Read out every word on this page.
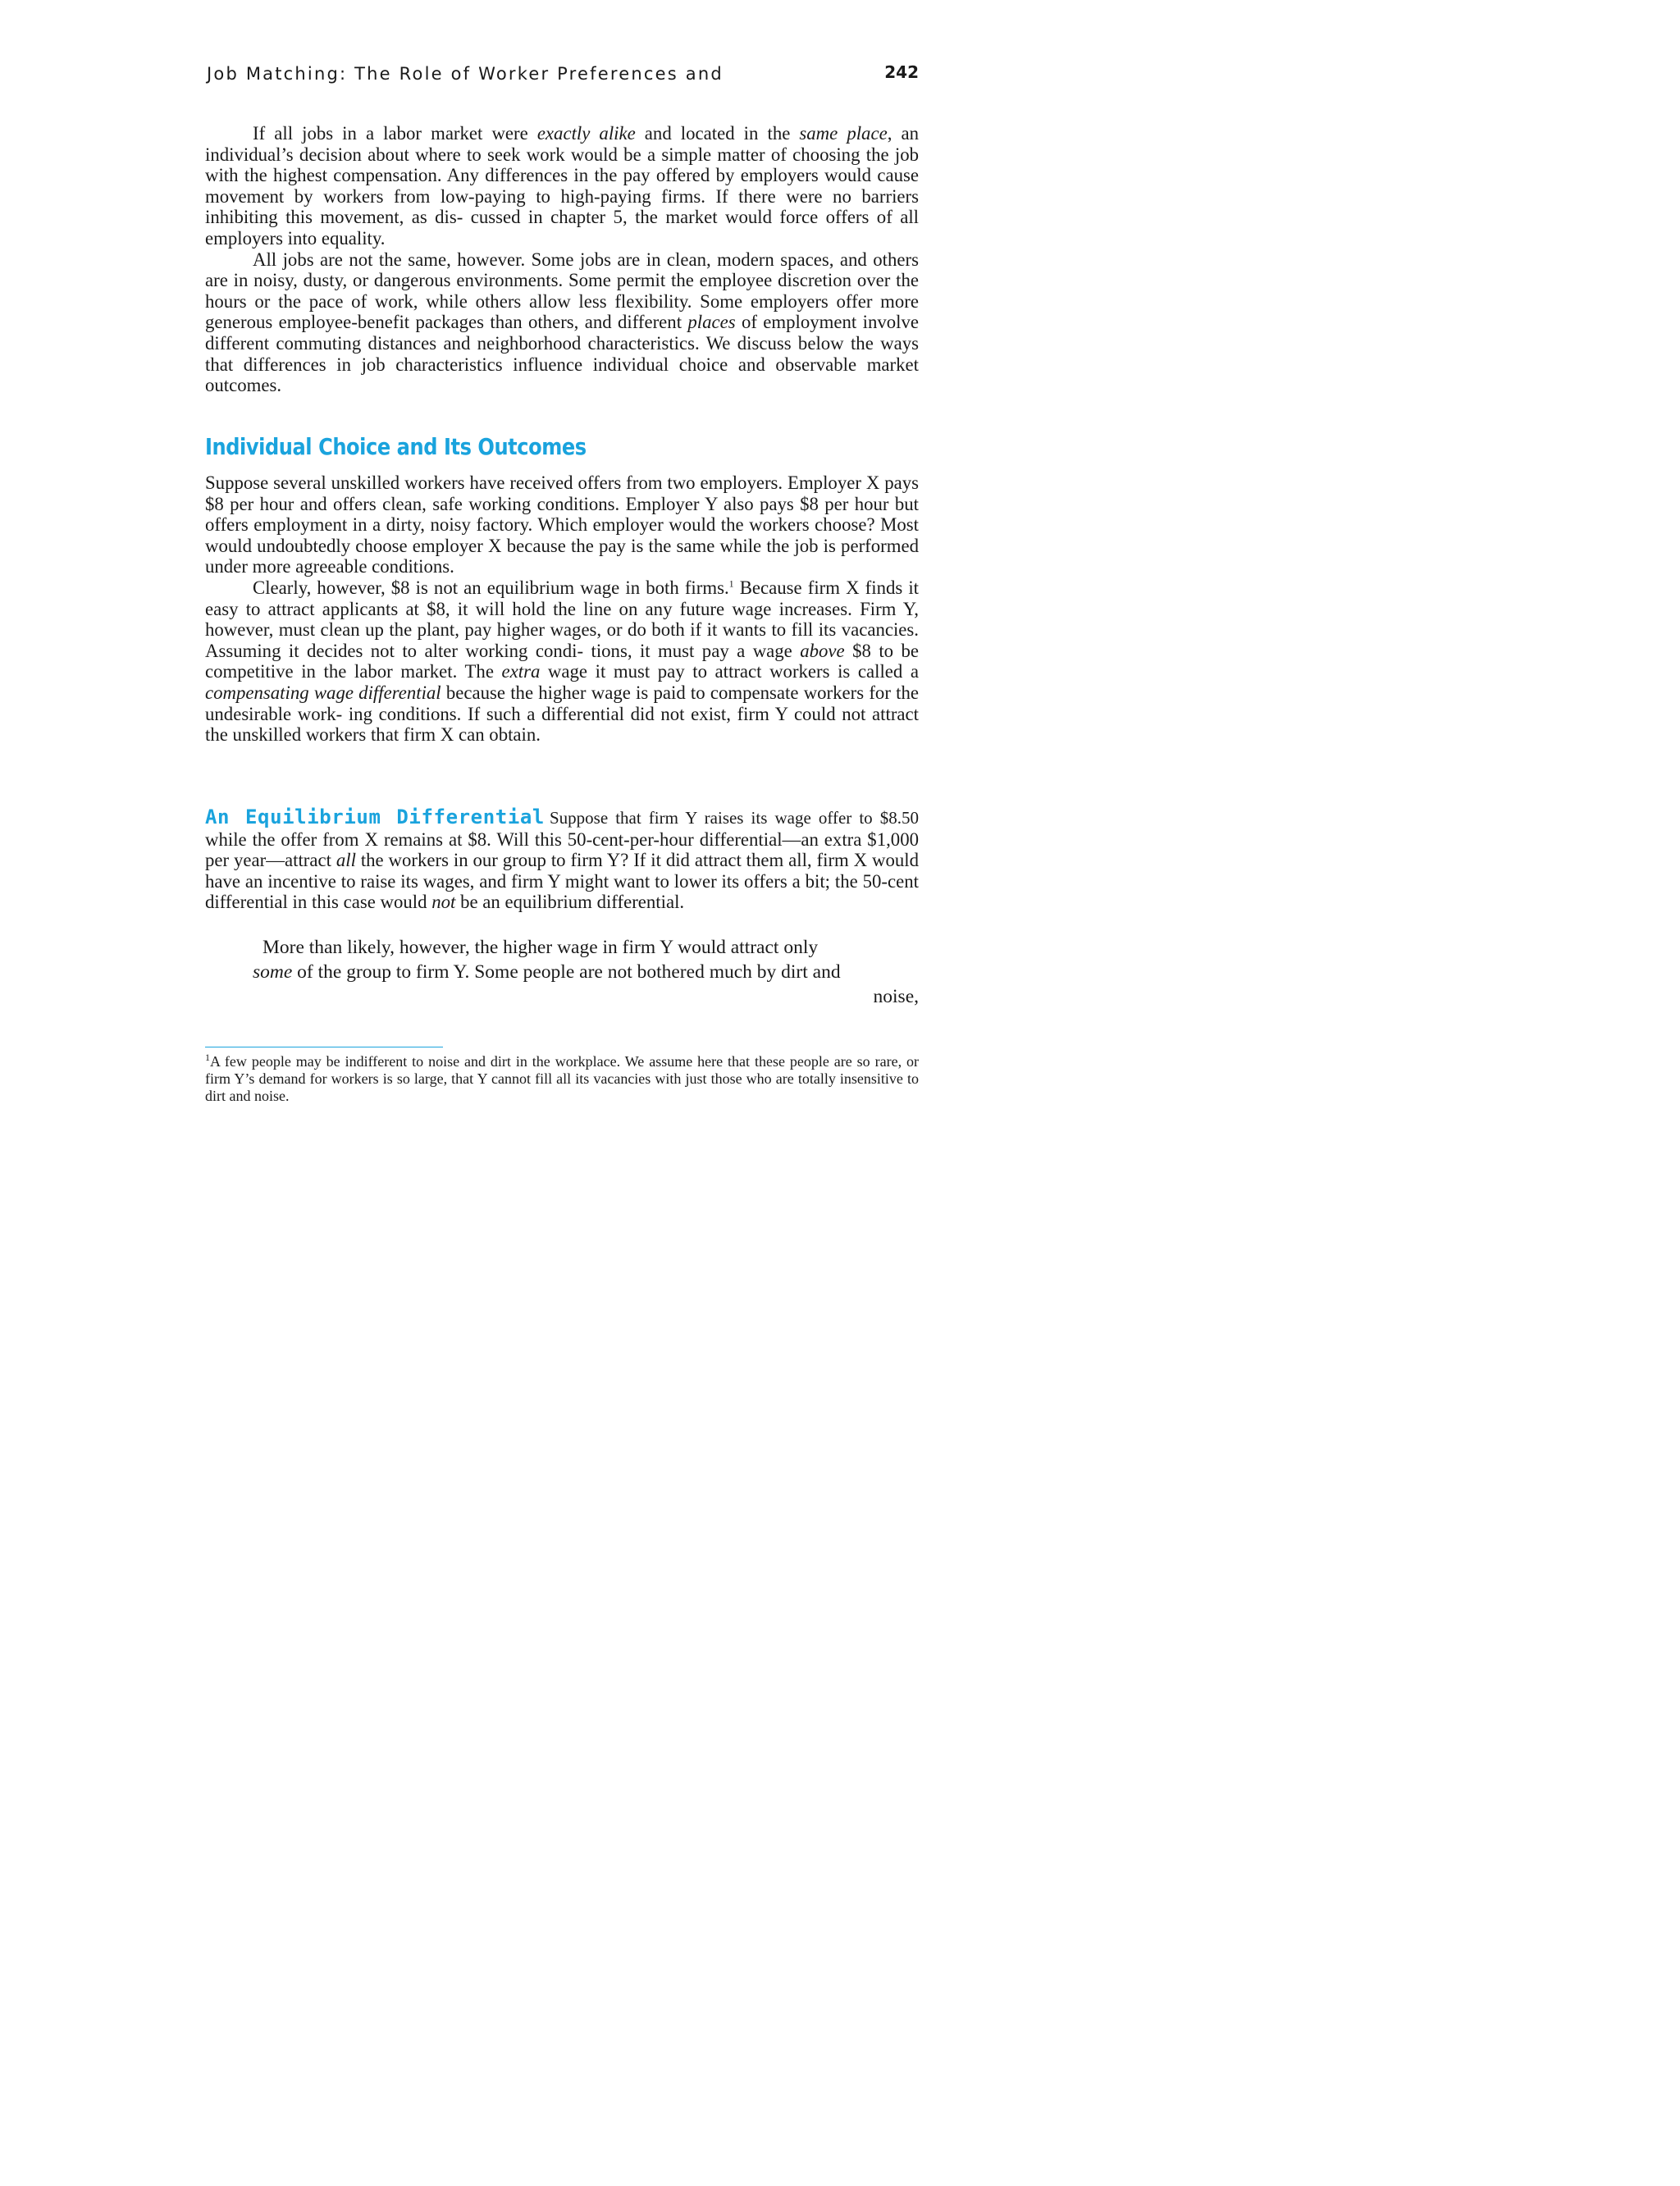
Job Matching: The Role of Worker Preferences and	242

If all jobs in a labor market were exactly alike and located in the same place, an individual’s decision about where to seek work would be a simple matter of choosing the job with the highest compensation. Any differences in the pay offered by employers would cause movement by workers from low-paying to high-paying firms. If there were no barriers inhibiting this movement, as dis- cussed in chapter 5, the market would force offers of all employers into equality.

All jobs are not the same, however. Some jobs are in clean, modern spaces, and others are in noisy, dusty, or dangerous environments. Some permit the employee discretion over the hours or the pace of work, while others allow less flexibility. Some employers offer more generous employee-benefit packages than others, and different places of employment involve different commuting distances and neighborhood characteristics. We discuss below the ways that differences in job characteristics influence individual choice and observable market outcomes.

Individual Choice and Its Outcomes

Suppose several unskilled workers have received offers from two employers. Employer X pays $8 per hour and offers clean, safe working conditions. Employer Y also pays $8 per hour but offers employment in a dirty, noisy factory. Which employer would the workers choose? Most would undoubtedly choose employer X because the pay is the same while the job is performed under more agreeable conditions.

Clearly, however, $8 is not an equilibrium wage in both firms.$^1$ Because firm X finds it easy to attract applicants at $8, it will hold the line on any future wage increases. Firm Y, however, must clean up the plant, pay higher wages, or do both if it wants to fill its vacancies. Assuming it decides not to alter working condi- tions, it must pay a wage above $8 to be competitive in the labor market. The extra wage it must pay to attract workers is called a compensating wage differential because the higher wage is paid to compensate workers for the undesirable work- ing conditions. If such a differential did not exist, firm Y could not attract the unskilled workers that firm X can obtain.

An Equilibrium Differential Suppose that firm Y raises its wage offer to $8.50 while the offer from X remains at $8. Will this 50-cent-per-hour differential—an extra $1,000 per year—attract all the workers in our group to firm Y? If it did attract them all, firm X would have an incentive to raise its wages, and firm Y might want to lower its offers a bit; the 50-cent differential in this case would not be an equilibrium differential.

More than likely, however, the higher wage in firm Y would attract only

some of the group to firm Y. Some people are not bothered much by dirt and

noise,

$^1$A few people may be indifferent to noise and dirt in the workplace. We assume here that these people are so rare, or firm Y’s demand for workers is so large, that Y cannot fill all its vacancies with just those who are totally insensitive to dirt and noise.
